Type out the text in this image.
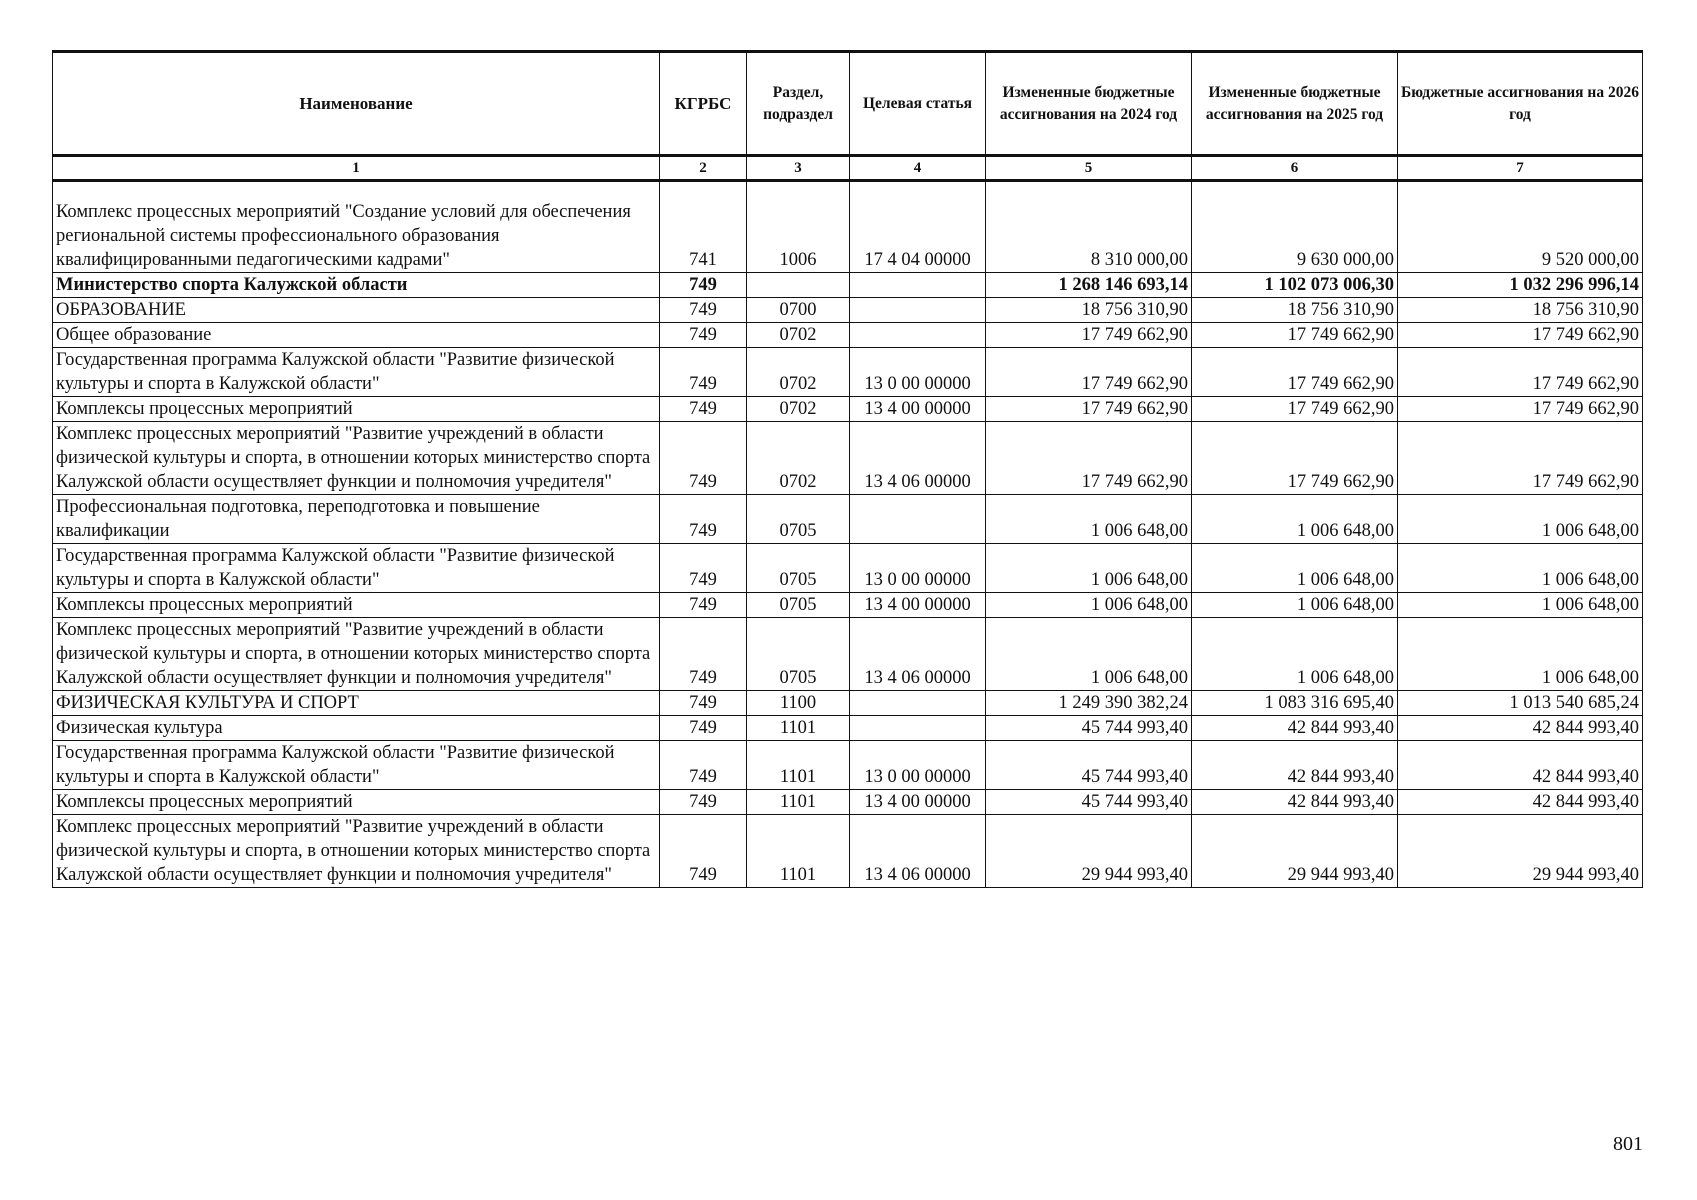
Наименование	КГРБС	Раздел, подраздел	Целевая статья	Измененные бюджетные ассигнования на 2024 год	Измененные бюджетные ассигнования на 2025 год	Бюджетные ассигнования на 2026 год
1	2	3	4	5	6	7
Комплекс процессных мероприятий "Создание условий для обеспечения региональной системы профессионального образования квалифицированными педагогическими кадрами"	741	1006	17 4 04 00000	8 310 000,00	9 630 000,00	9 520 000,00
Министерство спорта Калужской области	749			1 268 146 693,14	1 102 073 006,30	1 032 296 996,14
ОБРАЗОВАНИЕ	749	0700		18 756 310,90	18 756 310,90	18 756 310,90
Общее образование	749	0702		17 749 662,90	17 749 662,90	17 749 662,90
Государственная программа Калужской области "Развитие физической культуры и спорта в Калужской области"	749	0702	13 0 00 00000	17 749 662,90	17 749 662,90	17 749 662,90
Комплексы процессных мероприятий	749	0702	13 4 00 00000	17 749 662,90	17 749 662,90	17 749 662,90
Комплекс процессных мероприятий "Развитие учреждений в области физической культуры и спорта, в отношении которых министерство спорта Калужской области осуществляет функции и полномочия учредителя"	749	0702	13 4 06 00000	17 749 662,90	17 749 662,90	17 749 662,90
Профессиональная подготовка, переподготовка и повышение квалификации	749	0705		1 006 648,00	1 006 648,00	1 006 648,00
Государственная программа Калужской области "Развитие физической культуры и спорта в Калужской области"	749	0705	13 0 00 00000	1 006 648,00	1 006 648,00	1 006 648,00
Комплексы процессных мероприятий	749	0705	13 4 00 00000	1 006 648,00	1 006 648,00	1 006 648,00
Комплекс процессных мероприятий "Развитие учреждений в области физической культуры и спорта, в отношении которых министерство спорта Калужской области осуществляет функции и полномочия учредителя"	749	0705	13 4 06 00000	1 006 648,00	1 006 648,00	1 006 648,00
ФИЗИЧЕСКАЯ КУЛЬТУРА И СПОРТ	749	1100		1 249 390 382,24	1 083 316 695,40	1 013 540 685,24
Физическая культура	749	1101		45 744 993,40	42 844 993,40	42 844 993,40
Государственная программа Калужской области "Развитие физической культуры и спорта в Калужской области"	749	1101	13 0 00 00000	45 744 993,40	42 844 993,40	42 844 993,40
Комплексы процессных мероприятий	749	1101	13 4 00 00000	45 744 993,40	42 844 993,40	42 844 993,40
Комплекс процессных мероприятий "Развитие учреждений в области физической культуры и спорта, в отношении которых министерство спорта Калужской области осуществляет функции и полномочия учредителя"	749	1101	13 4 06 00000	29 944 993,40	29 944 993,40	29 944 993,40
801
